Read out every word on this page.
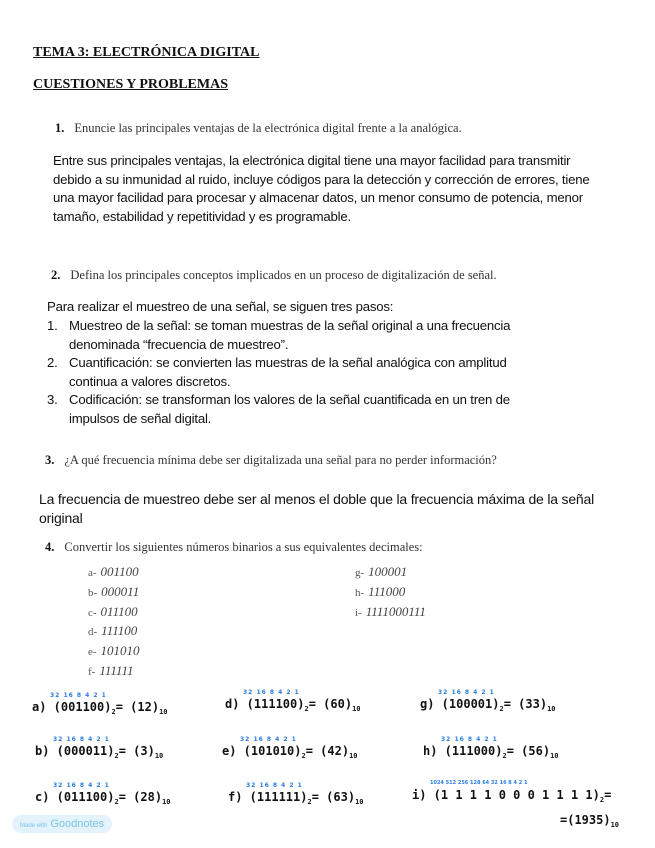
TEMA 3: ELECTRÓNICA DIGITAL
CUESTIONES Y PROBLEMAS
1. Enuncie las principales ventajas de la electrónica digital frente a la analógica.
Entre sus principales ventajas, la electrónica digital tiene una mayor facilidad para transmitir debido a su inmunidad al ruido, incluye códigos para la detección y corrección de errores, tiene una mayor facilidad para procesar y almacenar datos, un menor consumo de potencia, menor tamaño, estabilidad y repetitividad y es programable.
2. Defina los principales conceptos implicados en un proceso de digitalización de señal.
Para realizar el muestreo de una señal, se siguen tres pasos:
1. Muestreo de la señal: se toman muestras de la señal original a una frecuencia denominada “frecuencia de muestreo”.
2. Cuantificación: se convierten las muestras de la señal analógica con amplitud continua a valores discretos.
3. Codificación: se transforman los valores de la señal cuantificada en un tren de impulsos de señal digital.
3. ¿A qué frecuencia mínima debe ser digitalizada una señal para no perder información?
La frecuencia de muestreo debe ser al menos el doble que la frecuencia máxima de la señal original
4. Convertir los siguientes números binarios a sus equivalentes decimales:
a- 001100
b- 000011
c- 011100
d- 111100
e- 101010
f- 111111
g- 100001
h- 111000
i- 1111000111
32 16 8 4 2 1
a) $(001100)_2= (12)_{10}$
32 16 8 4 2 1
d) $(111100)_2= (60)_{10}$
32 16 8 4 2 1
g) $(100001)_2= (33)_{10}$
32 16 8 4 2 1
b) $(000011)_2= (3)_{10}$
32 16 8 4 2 1
e) $(101010)_2= (42)_{10}$
32 16 8 4 2 1
h) $(111000)_2= (56)_{10}$
32 16 8 4 2 1
c) $(011100)_2= (28)_{10}$
32 16 8 4 2 1
f) $(111111)_2= (63)_{10}$
1024 512 256 128 64 32 16 8 4 2 1
i) (1 1 1 1 0 0 0 1 1 1 $1)_2=$
$=(1935)_{10}$
Made with Goodnotes
